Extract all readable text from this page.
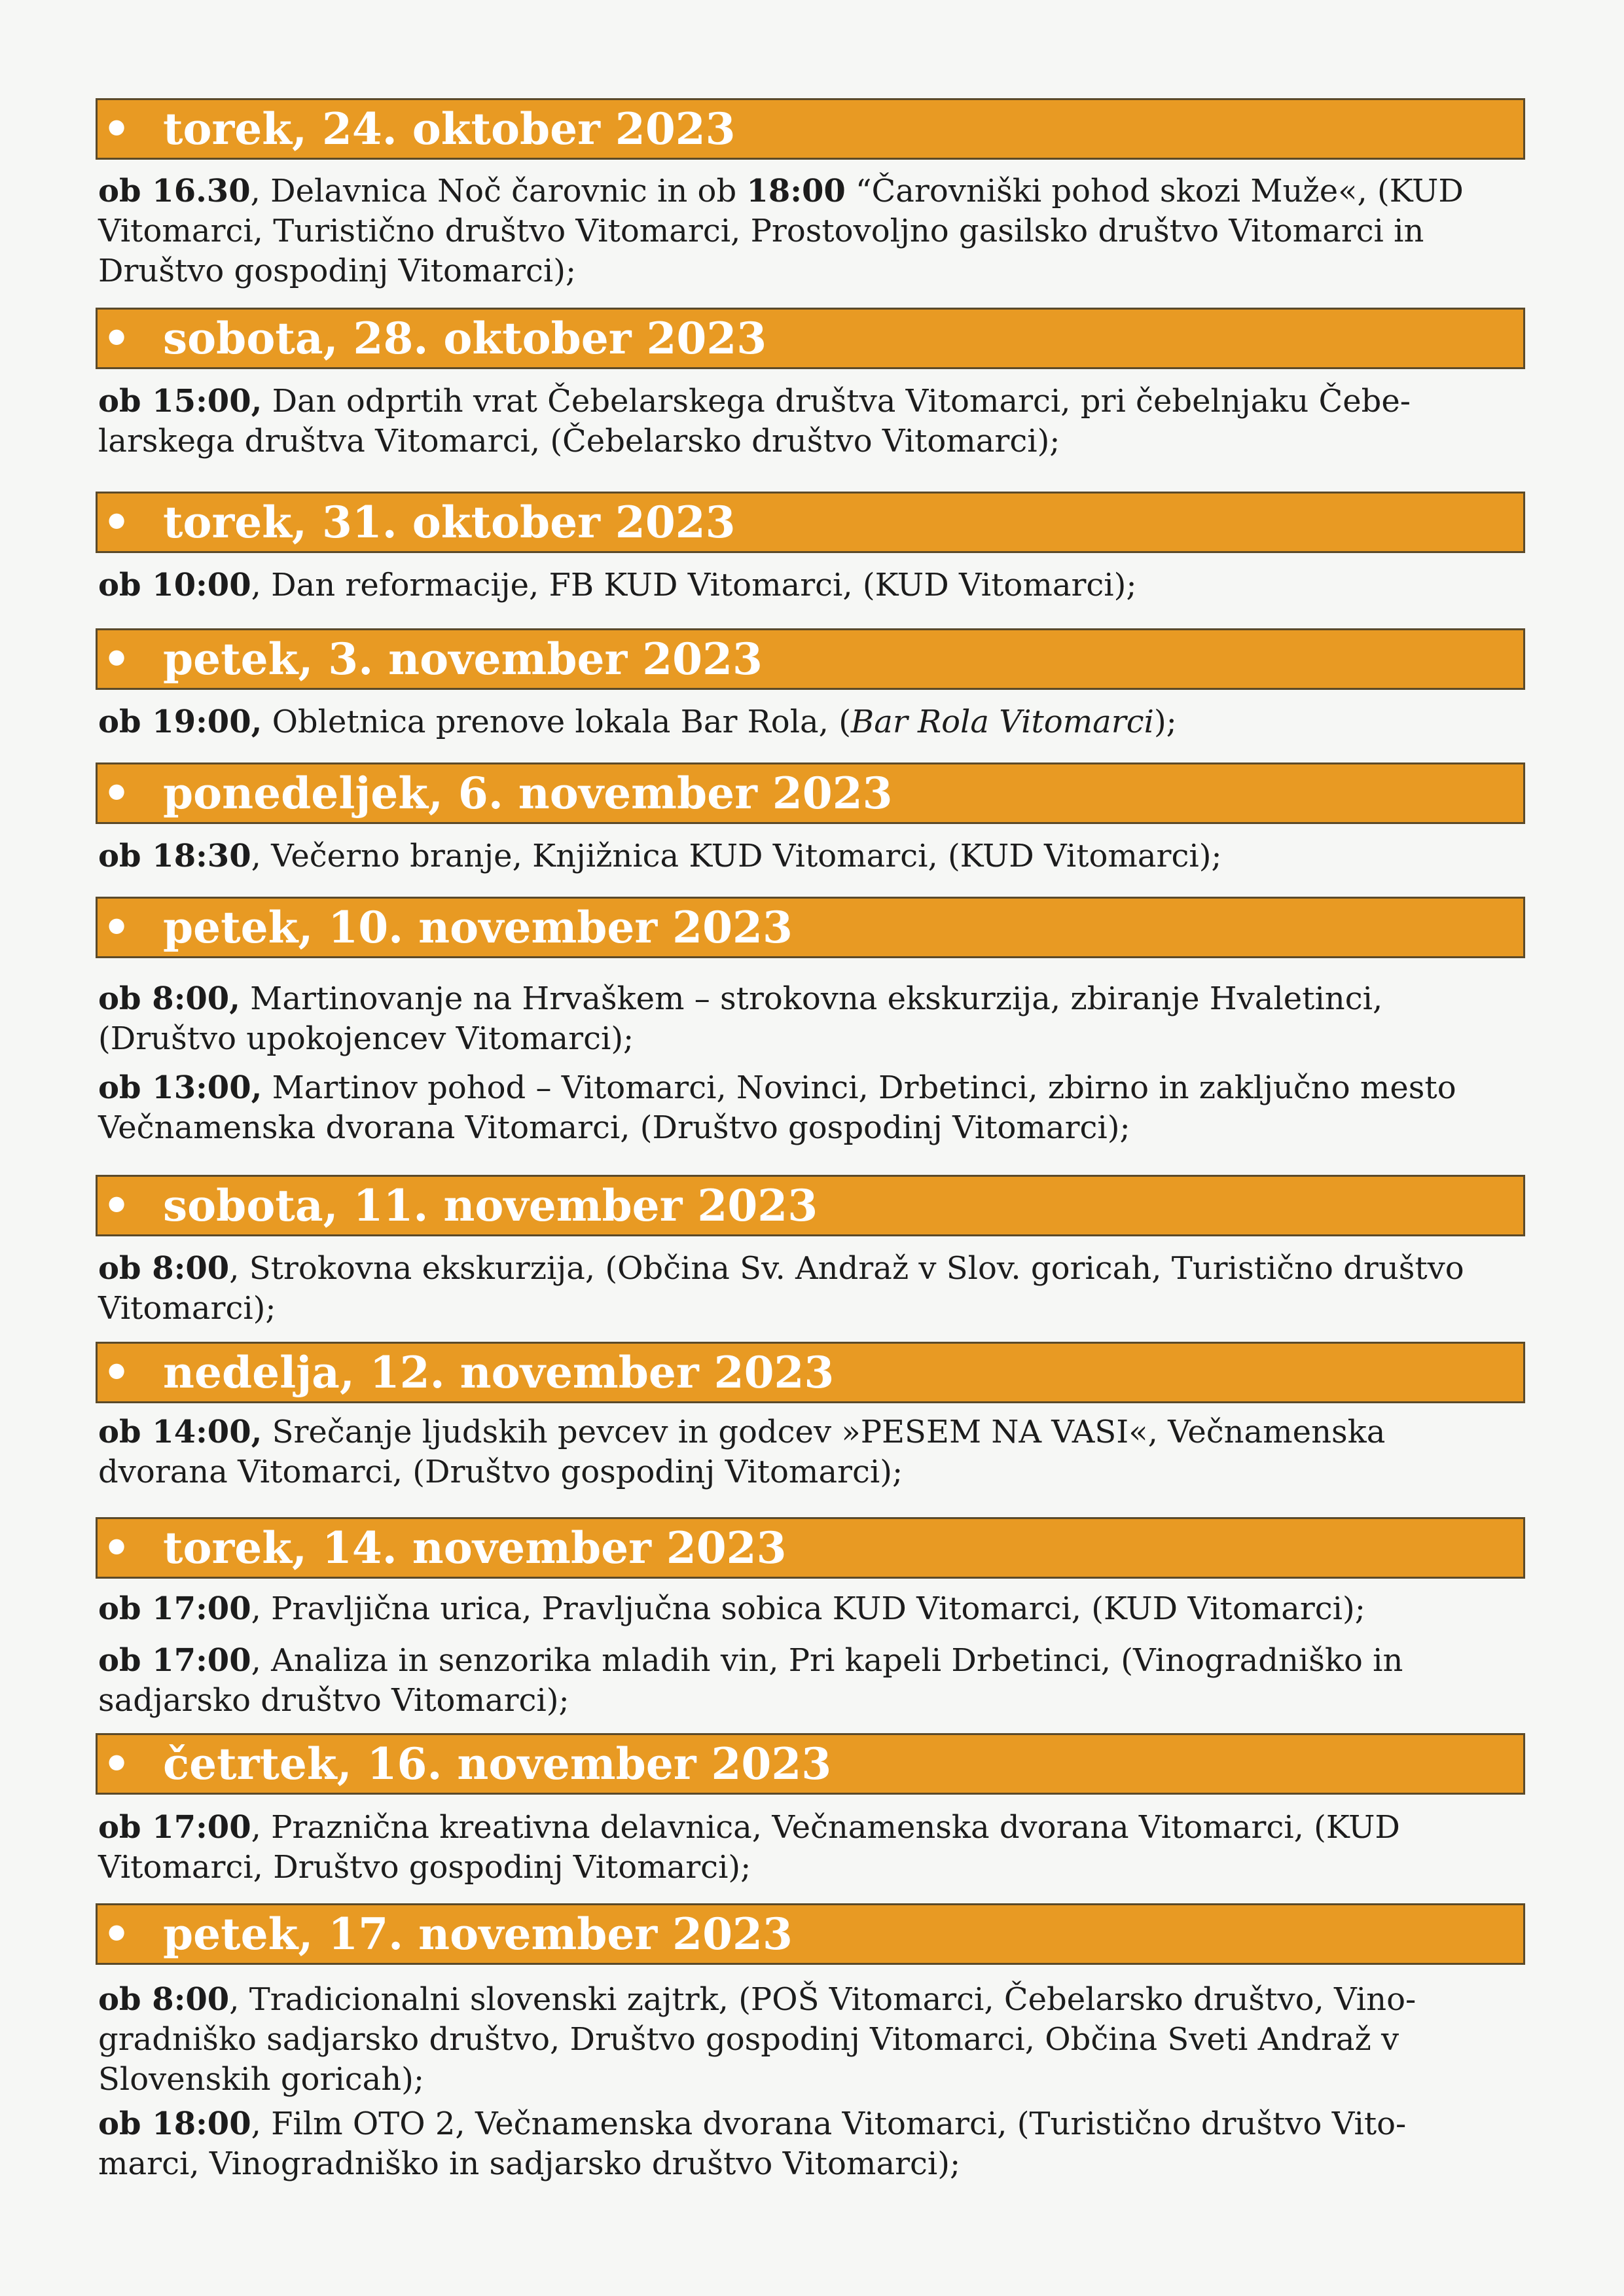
• torek, 24. oktober 2023

ob 16.30, Delavnica Noč čarovnic in ob 18:00 “Čarovniški pohod skozi Muže«, (KUD
Vitomarci, Turistično društvo Vitomarci, Prostovoljno gasilsko društvo Vitomarci in
Društvo gospodinj Vitomarci);

• sobota, 28. oktober 2023

ob 15:00, Dan odprtih vrat Čebelarskega društva Vitomarci, pri čebelnjaku Čebe-
larskega društva Vitomarci, (Čebelarsko društvo Vitomarci);

• torek, 31. oktober 2023

ob 10:00, Dan reformacije, FB KUD Vitomarci, (KUD Vitomarci);

• petek, 3. november 2023

ob 19:00, Obletnica prenove lokala Bar Rola, (Bar Rola Vitomarci);

• ponedeljek, 6. november 2023

ob 18:30, Večerno branje, Knjižnica KUD Vitomarci, (KUD Vitomarci);

• petek, 10. november 2023

ob 8:00, Martinovanje na Hrvaškem – strokovna ekskurzija, zbiranje Hvaletinci,
(Društvo upokojencev Vitomarci);

ob 13:00, Martinov pohod – Vitomarci, Novinci, Drbetinci, zbirno in zaključno mesto
Večnamenska dvorana Vitomarci, (Društvo gospodinj Vitomarci);

• sobota, 11. november 2023

ob 8:00, Strokovna ekskurzija, (Občina Sv. Andraž v Slov. goricah, Turistično društvo
Vitomarci);

• nedelja, 12. november 2023

ob 14:00, Srečanje ljudskih pevcev in godcev »PESEM NA VASI«, Večnamenska
dvorana Vitomarci, (Društvo gospodinj Vitomarci);

• torek, 14. november 2023

ob 17:00, Pravljična urica, Pravljučna sobica KUD Vitomarci, (KUD Vitomarci);

ob 17:00, Analiza in senzorika mladih vin, Pri kapeli Drbetinci, (Vinogradniško in
sadjarsko društvo Vitomarci);

• četrtek, 16. november 2023

ob 17:00, Praznična kreativna delavnica, Večnamenska dvorana Vitomarci, (KUD
Vitomarci, Društvo gospodinj Vitomarci);

• petek, 17. november 2023

ob 8:00, Tradicionalni slovenski zajtrk, (POŠ Vitomarci, Čebelarsko društvo, Vino-
gradniško sadjarsko društvo, Društvo gospodinj Vitomarci, Občina Sveti Andraž v
Slovenskih goricah);

ob 18:00, Film OTO 2, Večnamenska dvorana Vitomarci, (Turistično društvo Vito-
marci, Vinogradniško in sadjarsko društvo Vitomarci);
